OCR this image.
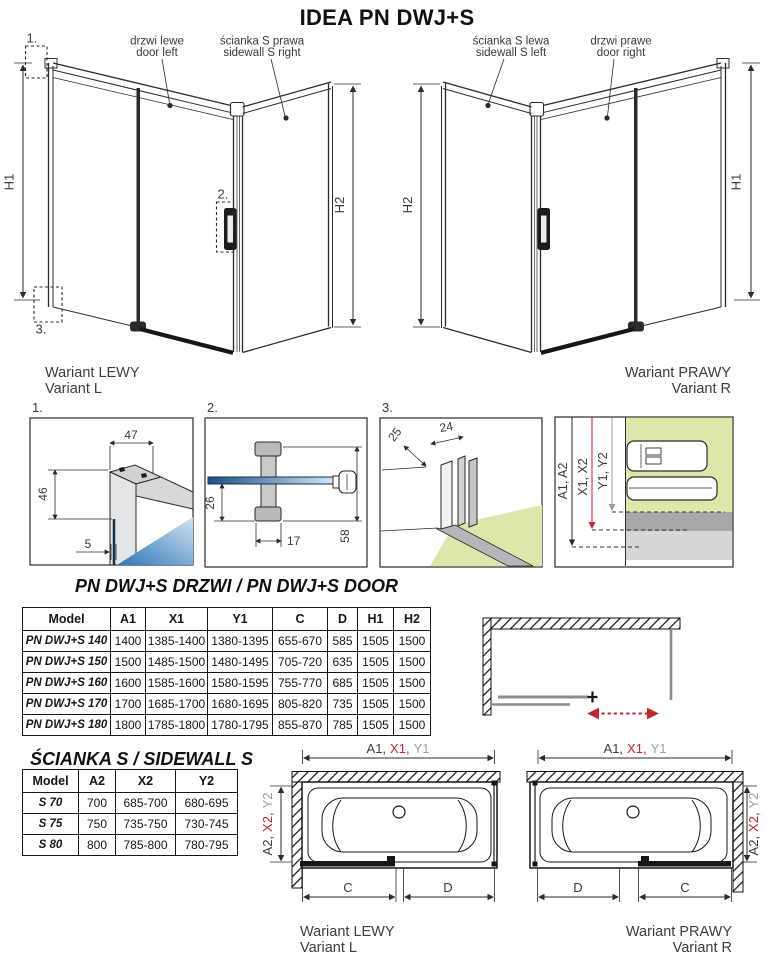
IDEA PN DWJ+S
drzwi lewe
door left
ścianka S prawa
sidewall S right
2.
1.
3.
H1
H2
Wariant LEWY
Variant L
ścianka S lewa
sidewall S left
drzwi prawe
door right
H2
H1
Wariant PRAWY
Variant R
1.
47
46
5
2.
26
17	58
3.
24
25
A1, A2 X1, X2 Y1, Y2
PN DWJ+S DRZWI / PN DWJ+S DOOR
Model	A1	X1	Y1	C	D	H1	H2
PN DWJ+S 140	1400	1385-1400	1380-1395	655-670	585	1505	1500
PN DWJ+S 150	1500	1485-1500	1480-1495	705-720	635	1505	1500
PN DWJ+S 160	1600	1585-1600	1580-1595	755-770	685	1505	1500
PN DWJ+S 170	1700	1685-1700	1680-1695	805-820	735	1505	1500
PN DWJ+S 180	1800	1785-1800	1780-1795	855-870	785	1505	1500
ŚCIANKA S / SIDEWALL S
Model	A2	X2	Y2
S 70	700	685-700	680-695
S 75	750	735-750	730-745
S 80	800	785-800	780-795
A1, X1, Y1
C	D
A2,X2,Y2
Wariant LEWY
Variant L
A1, X1, Y1
D	C
A2,X2,Y2
Wariant PRAWY
Variant R
